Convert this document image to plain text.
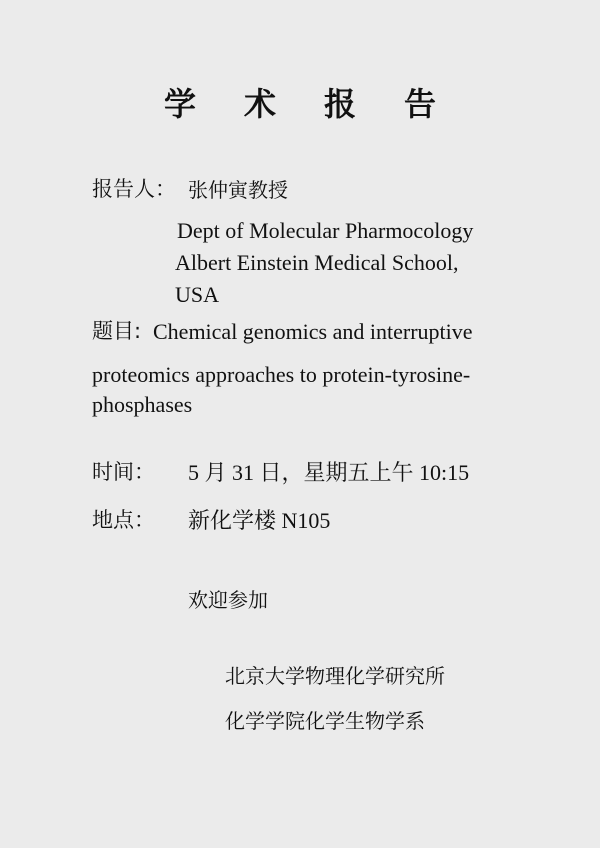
学 术 报 告
报告人： 张仲寅教授
Dept of Molecular Pharmocology
Albert Einstein Medical School,
USA
题目: Chemical genomics and interruptive
proteomics approaches to protein-tyrosine-
phosphases
时间： 5 月 31 日，星期五上午 10:15
地点： 新化学楼 N105
欢迎参加
北京大学物理化学研究所
化学学院化学生物学系
